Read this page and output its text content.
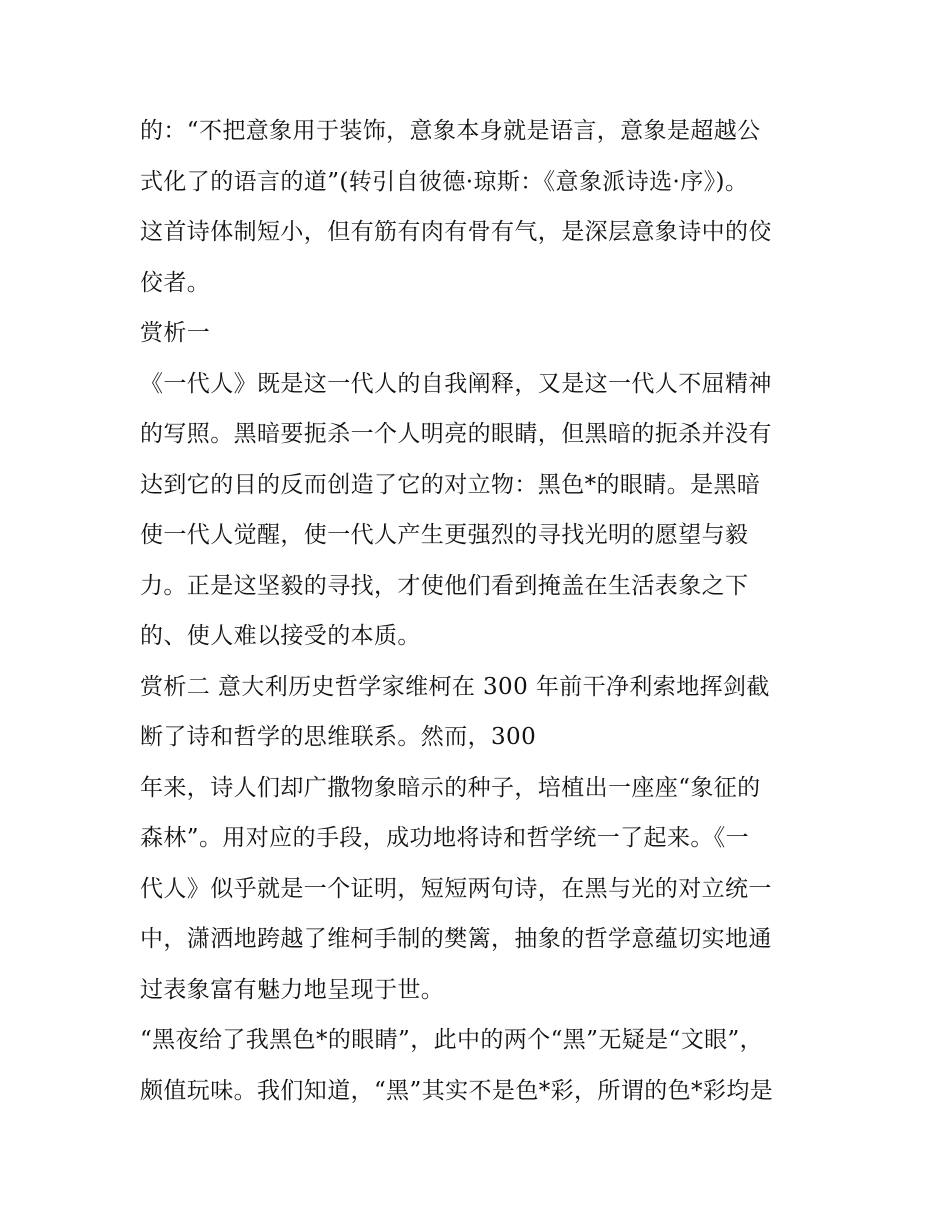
的：“不把意象用于装饰，意象本身就是语言，意象是超越公
式化了的语言的道”(转引自彼德·琼斯：《意象派诗选·序》)。
这首诗体制短小，但有筋有肉有骨有气，是深层意象诗中的佼
佼者。
赏析一
《一代人》既是这一代人的自我阐释，又是这一代人不屈精神
的写照。黑暗要扼杀一个人明亮的眼睛，但黑暗的扼杀并没有
达到它的目的反而创造了它的对立物：黑色*的眼睛。是黑暗
使一代人觉醒，使一代人产生更强烈的寻找光明的愿望与毅
力。正是这坚毅的寻找，才使他们看到掩盖在生活表象之下
的、使人难以接受的本质。
赏析二 意大利历史哲学家维柯在 300 年前干净利索地挥剑截
断了诗和哲学的思维联系。然而，300
年来，诗人们却广撒物象暗示的种子，培植出一座座“象征的
森林”。用对应的手段，成功地将诗和哲学统一了起来。《一
代人》似乎就是一个证明，短短两句诗，在黑与光的对立统一
中，潇洒地跨越了维柯手制的樊篱，抽象的哲学意蕴切实地通
过表象富有魅力地呈现于世。
“黑夜给了我黑色*的眼睛”，此中的两个“黑”无疑是“文眼”，
颇值玩味。我们知道，“黑”其实不是色*彩，所谓的色*彩均是
